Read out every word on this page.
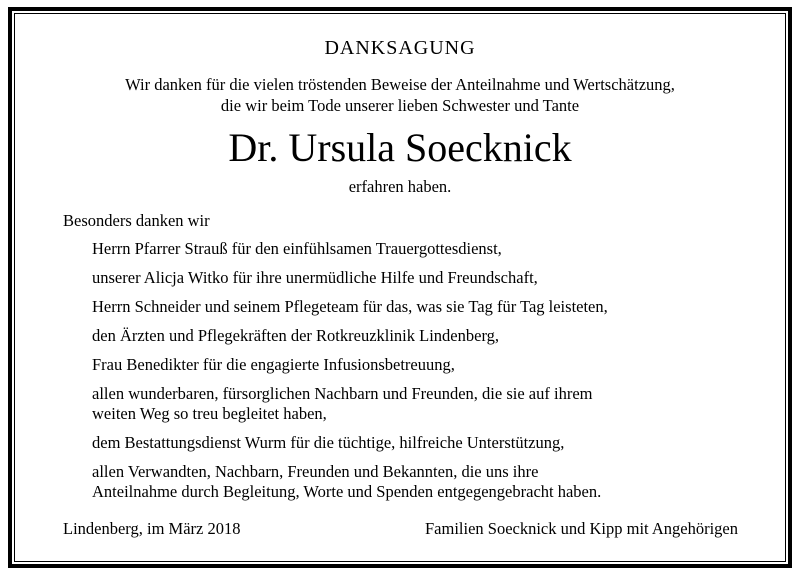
DANKSAGUNG
Wir danken für die vielen tröstenden Beweise der Anteilnahme und Wertschätzung,
die wir beim Tode unserer lieben Schwester und Tante
Dr. Ursula Soecknick
erfahren haben.
Besonders danken wir
Herrn Pfarrer Strauß für den einfühlsamen Trauergottesdienst,
unserer Alicja Witko für ihre unermüdliche Hilfe und Freundschaft,
Herrn Schneider und seinem Pflegeteam für das, was sie Tag für Tag leisteten,
den Ärzten und Pflegekräften der Rotkreuzklinik Lindenberg,
Frau Benedikter für die engagierte Infusionsbetreuung,
allen wunderbaren, fürsorglichen Nachbarn und Freunden, die sie auf ihrem
weiten Weg so treu begleitet haben,
dem Bestattungsdienst Wurm für die tüchtige, hilfreiche Unterstützung,
allen Verwandten, Nachbarn, Freunden und Bekannten, die uns ihre
Anteilnahme durch Begleitung, Worte und Spenden entgegengebracht haben.
Lindenberg, im März 2018	Familien Soecknick und Kipp mit Angehörigen
